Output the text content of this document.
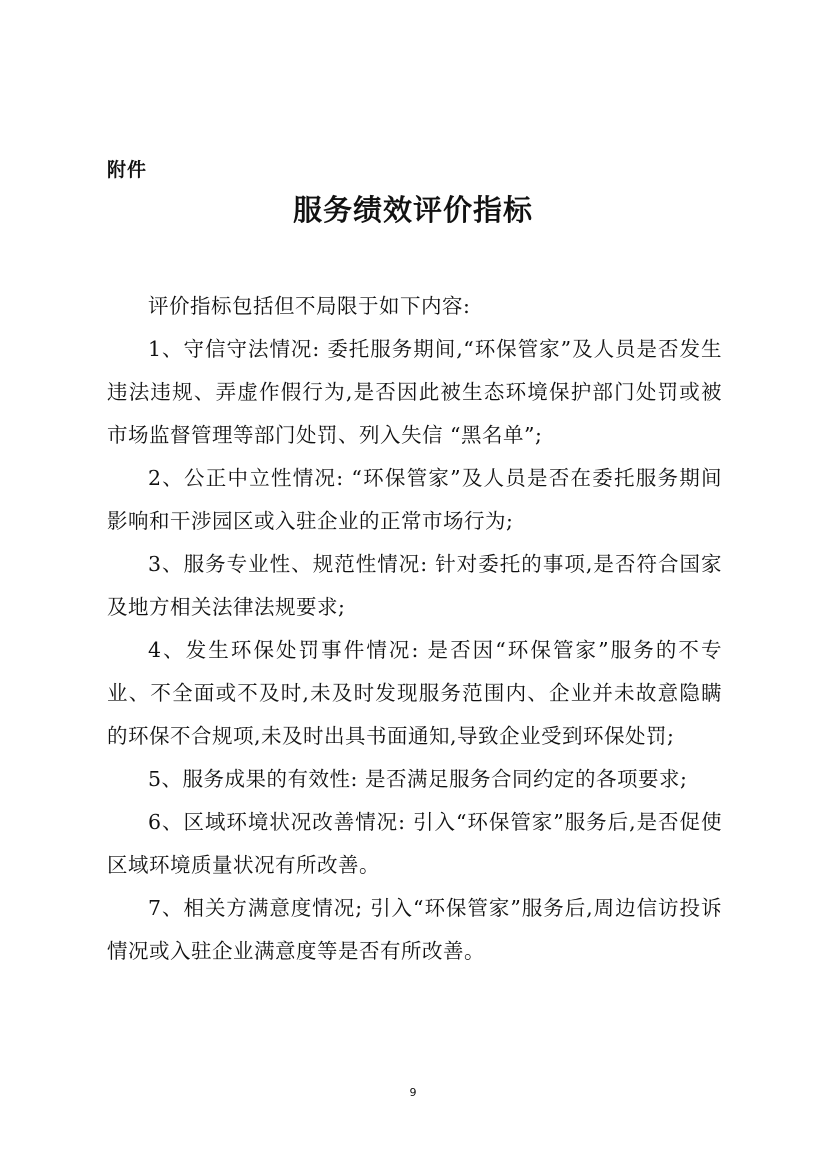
附件

服务绩效评价指标

评价指标包括但不局限于如下内容:

1、守信守法情况: 委托服务期间,“环保管家”及人员是否发生违法违规、弄虚作假行为,是否因此被生态环境保护部门处罚或被市场监督管理等部门处罚、列入失信 “黑名单”;

2、公正中立性情况: “环保管家”及人员是否在委托服务期间影响和干涉园区或入驻企业的正常市场行为;

3、服务专业性、规范性情况: 针对委托的事项,是否符合国家及地方相关法律法规要求;

4、发生环保处罚事件情况: 是否因“环保管家”服务的不专业、不全面或不及时,未及时发现服务范围内、企业并未故意隐瞒的环保不合规项,未及时出具书面通知,导致企业受到环保处罚;

5、服务成果的有效性: 是否满足服务合同约定的各项要求;

6、区域环境状况改善情况: 引入“环保管家”服务后,是否促使区域环境质量状况有所改善。

7、相关方满意度情况; 引入“环保管家”服务后,周边信访投诉情况或入驻企业满意度等是否有所改善。

9
